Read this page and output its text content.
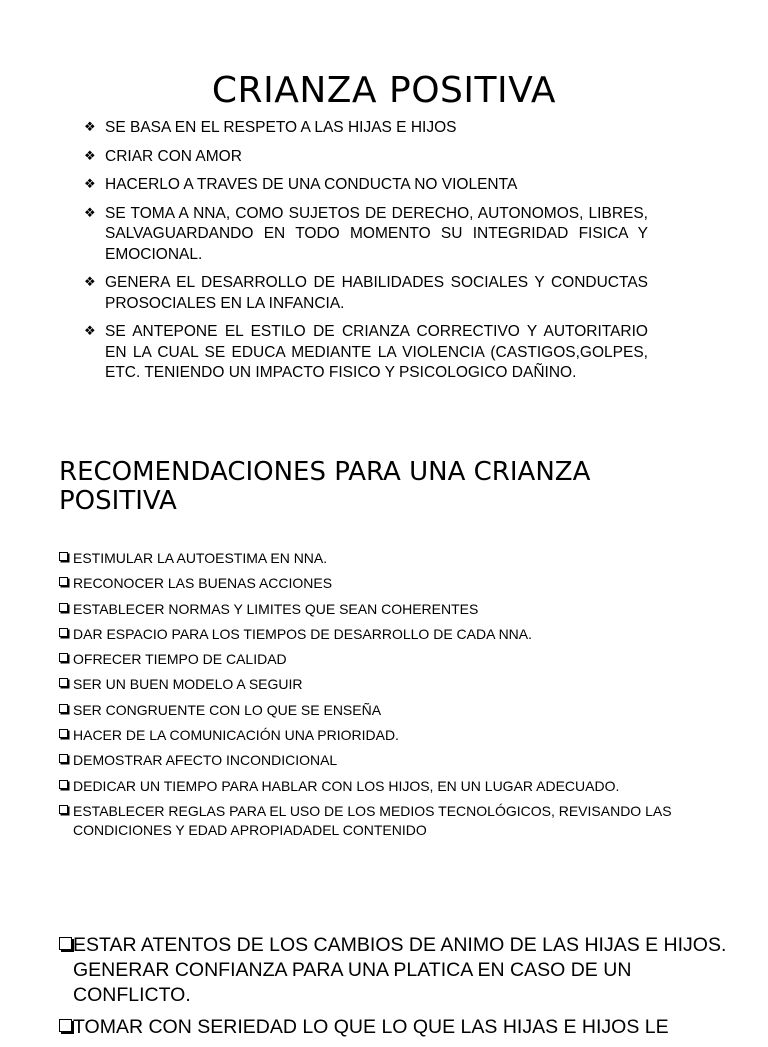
CRIANZA POSITIVA
❖ SE BASA EN EL RESPETO A LAS HIJAS E HIJOS
❖ CRIAR CON AMOR
❖ HACERLO A TRAVES DE UNA CONDUCTA NO VIOLENTA
❖ SE TOMA A NNA, COMO SUJETOS DE DERECHO, AUTONOMOS, LIBRES, SALVAGUARDANDO EN TODO MOMENTO SU INTEGRIDAD FISICA Y EMOCIONAL.
❖ GENERA EL DESARROLLO DE HABILIDADES SOCIALES Y CONDUCTAS PROSOCIALES EN LA INFANCIA.
❖ SE ANTEPONE EL ESTILO DE CRIANZA CORRECTIVO Y AUTORITARIO EN LA CUAL SE EDUCA MEDIANTE LA VIOLENCIA (CASTIGOS,GOLPES, ETC. TENIENDO UN IMPACTO FISICO Y PSICOLOGICO DAÑINO.
RECOMENDACIONES PARA UNA CRIANZA POSITIVA
ESTIMULAR LA AUTOESTIMA EN NNA.
RECONOCER LAS BUENAS ACCIONES
ESTABLECER NORMAS Y LIMITES QUE SEAN COHERENTES
DAR ESPACIO PARA LOS TIEMPOS DE DESARROLLO DE CADA NNA.
OFRECER TIEMPO DE CALIDAD
SER UN BUEN MODELO A SEGUIR
SER CONGRUENTE CON LO QUE SE ENSEÑA
HACER DE LA COMUNICACIÓN UNA PRIORIDAD.
DEMOSTRAR AFECTO INCONDICIONAL
DEDICAR UN TIEMPO PARA HABLAR CON LOS HIJOS, EN UN LUGAR ADECUADO.
ESTABLECER REGLAS PARA EL USO DE LOS MEDIOS TECNOLÓGICOS, REVISANDO LAS CONDICIONES Y EDAD APROPIADADEL CONTENIDO
ESTAR ATENTOS DE LOS CAMBIOS DE ANIMO DE LAS HIJAS E HIJOS. GENERAR CONFIANZA PARA UNA PLATICA EN CASO DE UN CONFLICTO.
TOMAR CON SERIEDAD LO QUE LO QUE LAS HIJAS E HIJOS LE
